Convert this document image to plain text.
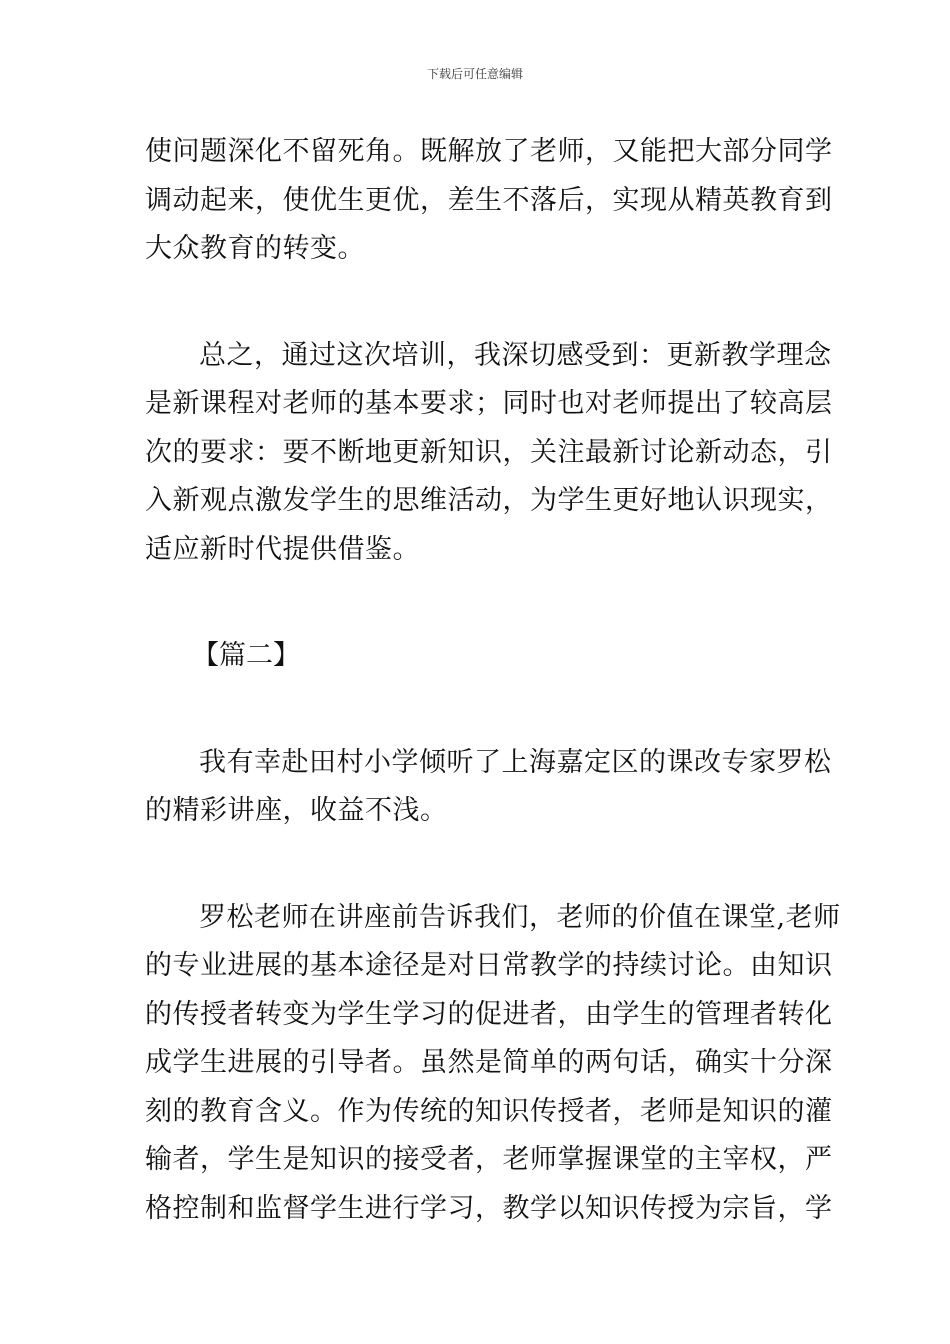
下载后可任意编辑

使问题深化不留死角。既解放了老师，又能把大部分同学
调动起来，使优生更优，差生不落后，实现从精英教育到
大众教育的转变。

总之，通过这次培训，我深切感受到：更新教学理念
是新课程对老师的基本要求；同时也对老师提出了较高层
次的要求：要不断地更新知识，关注最新讨论新动态，引
入新观点激发学生的思维活动，为学生更好地认识现实，
适应新时代提供借鉴。

【篇二】

我有幸赴田村小学倾听了上海嘉定区的课改专家罗松
的精彩讲座，收益不浅。

罗松老师在讲座前告诉我们，老师的价值在课堂,老师
的专业进展的基本途径是对日常教学的持续讨论。由知识
的传授者转变为学生学习的促进者，由学生的管理者转化
成学生进展的引导者。虽然是简单的两句话，确实十分深
刻的教育含义。作为传统的知识传授者，老师是知识的灌
输者，学生是知识的接受者，老师掌握课堂的主宰权，严
格控制和监督学生进行学习，教学以知识传授为宗旨，学
